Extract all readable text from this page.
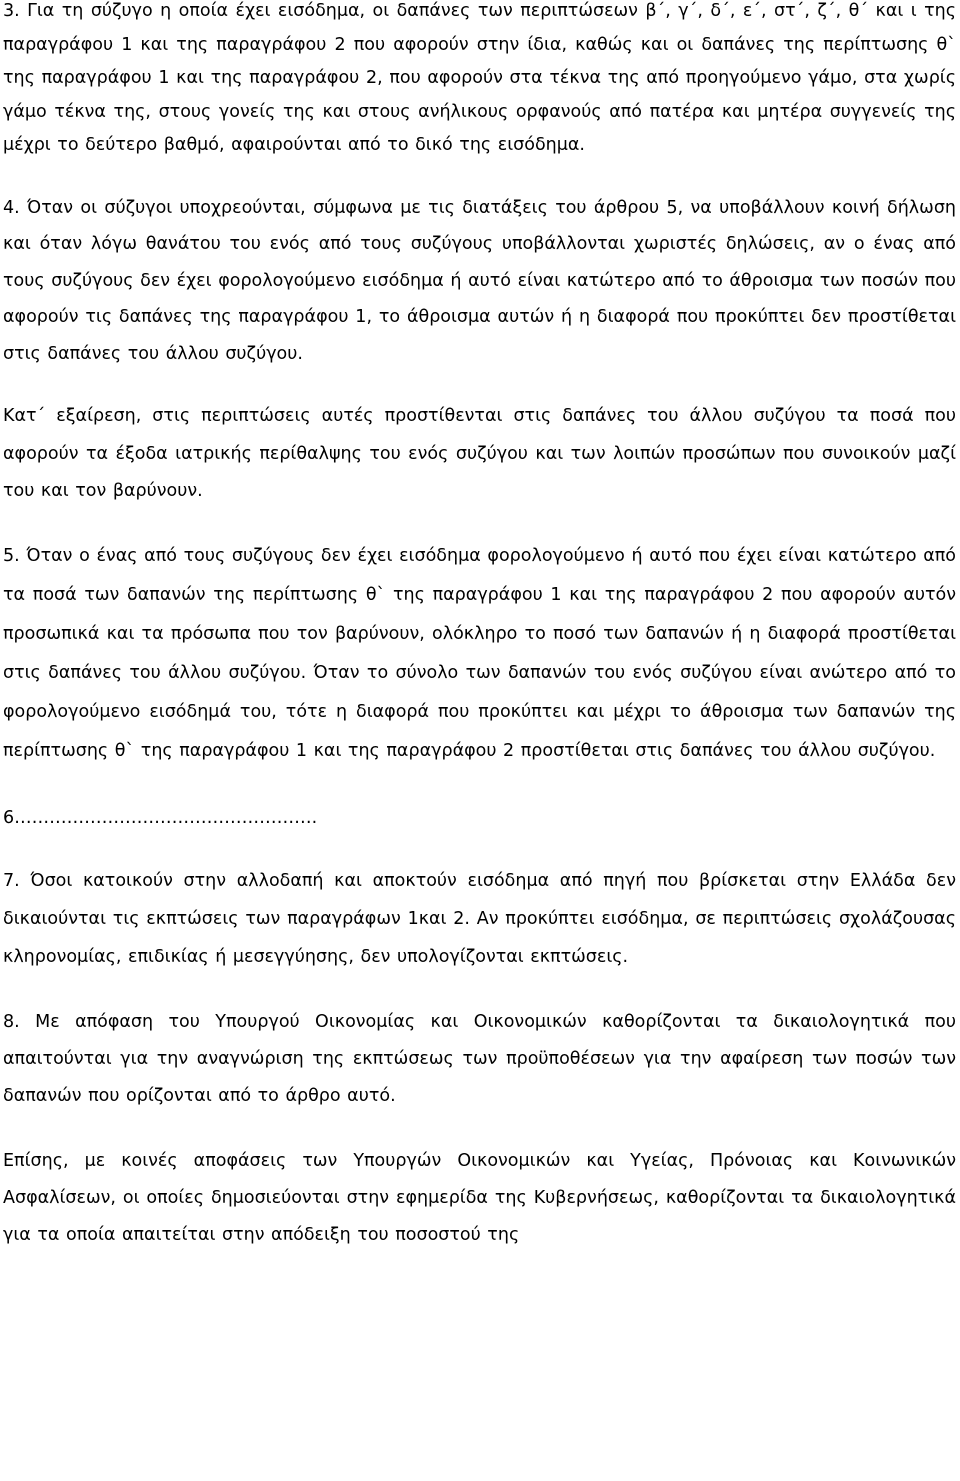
3. Για τη σύζυγο η οποία έχει εισόδημα, οι δαπάνες των περιπτώσεων β΄, γ΄, δ΄, ε΄, στ΄, ζ΄, θ΄ και ι της παραγράφου 1 και της παραγράφου 2 που αφορούν στην ίδια, καθώς και οι δαπάνες της περίπτωσης θ` της παραγράφου 1 και της παραγράφου 2, που αφορούν στα τέκνα της από προηγούμενο γάμο, στα χωρίς γάμο τέκνα της, στους γονείς της και στους ανήλικους ορφανούς από πατέρα και μητέρα συγγενείς της μέχρι το δεύτερο βαθμό, αφαιρούνται από το δικό της εισόδημα.

4. Όταν οι σύζυγοι υποχρεούνται, σύμφωνα με τις διατάξεις του άρθρου 5, να υποβάλλουν κοινή δήλωση και όταν λόγω θανάτου του ενός από τους συζύγους υποβάλλονται χωριστές δηλώσεις, αν ο ένας από τους συζύγους δεν έχει φορολογούμενο εισόδημα ή αυτό είναι κατώτερο από το άθροισμα των ποσών που αφορούν τις δαπάνες της παραγράφου 1, το άθροισμα αυτών ή η διαφορά που προκύπτει δεν προστίθεται στις δαπάνες του άλλου συζύγου.

Κατ΄ εξαίρεση, στις περιπτώσεις αυτές προστίθενται στις δαπάνες του άλλου συζύγου τα ποσά που αφορούν τα έξοδα ιατρικής περίθαλψης του ενός συζύγου και των λοιπών προσώπων που συνοικούν μαζί του και τον βαρύνουν.

5. Όταν ο ένας από τους συζύγους δεν έχει εισόδημα φορολογούμενο ή αυτό που έχει είναι κατώτερο από τα ποσά των δαπανών της περίπτωσης θ` της παραγράφου 1 και της παραγράφου 2 που αφορούν αυτόν προσωπικά και τα πρόσωπα που τον βαρύνουν, ολόκληρο το ποσό των δαπανών ή η διαφορά προστίθεται στις δαπάνες του άλλου συζύγου. Όταν το σύνολο των δαπανών του ενός συζύγου είναι ανώτερο από το φορολογούμενο εισόδημά του, τότε η διαφορά που προκύπτει και μέχρι το άθροισμα των δαπανών της περίπτωσης θ` της παραγράφου 1 και της παραγράφου 2 προστίθεται στις δαπάνες του άλλου συζύγου.

6…………………………………………….

7. Όσοι κατοικούν στην αλλοδαπή και αποκτούν εισόδημα από πηγή που βρίσκεται στην Ελλάδα δεν δικαιούνται τις εκπτώσεις των παραγράφων 1και 2. Αν προκύπτει εισόδημα, σε περιπτώσεις σχολάζουσας κληρονομίας, επιδικίας ή μεσεγγύησης, δεν υπολογίζονται εκπτώσεις.

8. Με απόφαση του Υπουργού Οικονομίας και Οικονομικών καθορίζονται τα δικαιολογητικά που απαιτούνται για την αναγνώριση της εκπτώσεως των προϋποθέσεων για την αφαίρεση των ποσών των δαπανών που ορίζονται από το άρθρο αυτό.

Επίσης, με κοινές αποφάσεις των Υπουργών Οικονομικών και Υγείας, Πρόνοιας και Κοινωνικών Ασφαλίσεων, οι οποίες δημοσιεύονται στην εφημερίδα της Κυβερνήσεως, καθορίζονται τα δικαιολογητικά για τα οποία απαιτείται στην απόδειξη του ποσοστού της
